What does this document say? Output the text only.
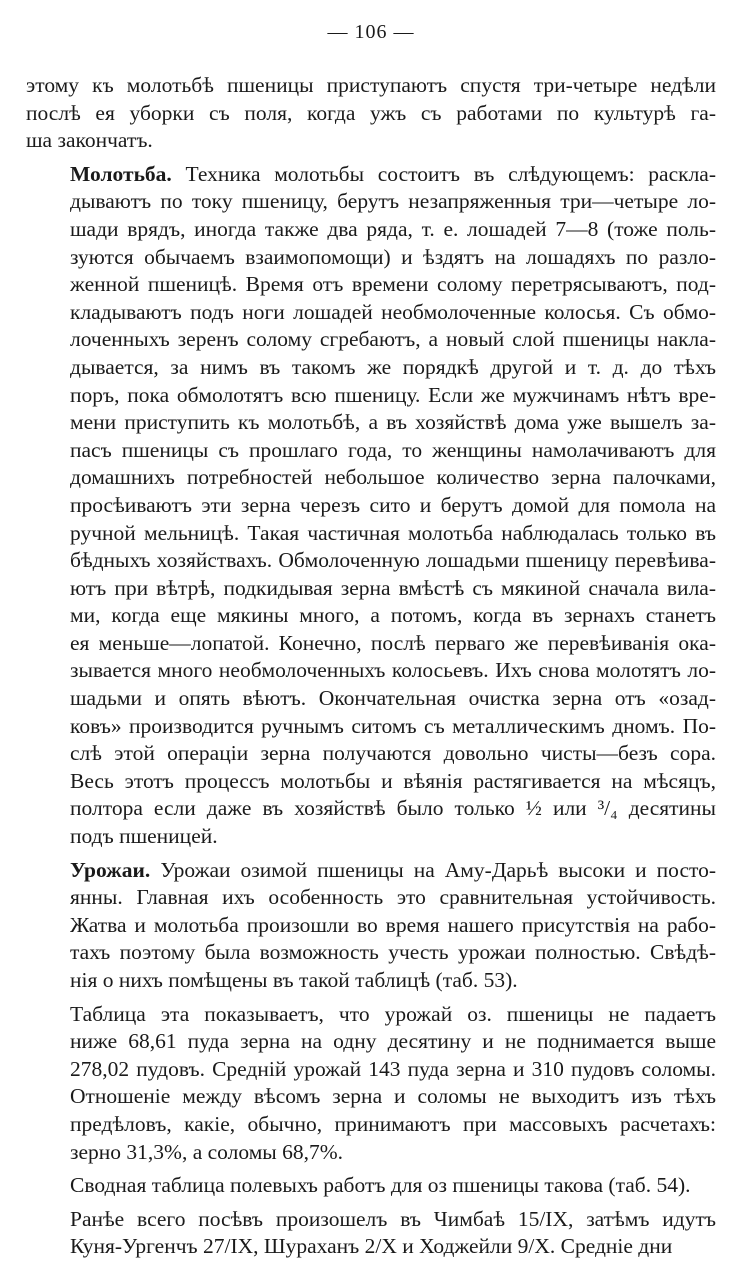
— 106 —
этому къ молотьбѣ пшеницы приступаютъ спустя три-четыре недѣли
послѣ ея уборки съ поля, когда ужъ съ работами по культурѣ га-
ша закончатъ.
Молотьба. Техника молотьбы состоитъ въ слѣдующемъ: раскла-
дываютъ по току пшеницу, берутъ незапряженныя три—четыре ло-
шади врядъ, иногда также два ряда, т. е. лошадей 7—8 (тоже поль-
зуются обычаемъ взаимопомощи) и ѣздятъ на лошадяхъ по разло-
женной пшеницѣ. Время отъ времени солому перетрясываютъ, под-
кладываютъ подъ ноги лошадей необмолоченные колосья. Съ обмо-
лоченныхъ зеренъ солому сгребаютъ, а новый слой пшеницы накла-
дывается, за нимъ въ такомъ же порядкѣ другой и т. д. до тѣхъ
поръ, пока обмолотятъ всю пшеницу. Если же мужчинамъ нѣтъ вре-
мени приступить къ молотьбѣ, а въ хозяйствѣ дома уже вышелъ за-
пасъ пшеницы съ прошлаго года, то женщины намолачиваютъ для
домашнихъ потребностей небольшое количество зерна палочками,
просѣиваютъ эти зерна черезъ сито и берутъ домой для помола на
ручной мельницѣ. Такая частичная молотьба наблюдалась только въ
бѣдныхъ хозяйствахъ. Обмолоченную лошадьми пшеницу перевѣива-
ютъ при вѣтрѣ, подкидывая зерна вмѣстѣ съ мякиной сначала вила-
ми, когда еще мякины много, а потомъ, когда въ зернахъ станетъ
ея меньше—лопатой. Конечно, послѣ перваго же перевѣиванія ока-
зывается много необмолоченныхъ колосьевъ. Ихъ снова молотятъ ло-
шадьми и опять вѣютъ. Окончательная очистка зерна отъ «озад-
ковъ» производится ручнымъ ситомъ съ металлическимъ дномъ. По-
слѣ этой операціи зерна получаются довольно чисты—безъ сора.
Весь этотъ процессъ молотьбы и вѣянія растягивается на мѣсяцъ,
полтора если даже въ хозяйствѣ было только ½ или ³/₄ десятины
подъ пшеницей.
Урожаи. Урожаи озимой пшеницы на Аму-Дарьѣ высоки и посто-
янны. Главная ихъ особенность это сравнительная устойчивость.
Жатва и молотьба произошли во время нашего присутствія на рабо-
тахъ поэтому была возможность учесть урожаи полностью. Свѣдѣ-
нія о нихъ помѣщены въ такой таблицѣ (таб. 53).
Таблица эта показываетъ, что урожай оз. пшеницы не падаетъ
ниже 68,61 пуда зерна на одну десятину и не поднимается выше
278,02 пудовъ. Средній урожай 143 пуда зерна и 310 пудовъ соломы.
Отношеніе между вѣсомъ зерна и соломы не выходитъ изъ тѣхъ
предѣловъ, какіе, обычно, принимаютъ при массовыхъ расчетахъ:
зерно 31,3%, а соломы 68,7%.
Сводная таблица полевыхъ работъ для оз пшеницы такова (таб. 54).
Ранѣе всего посѣвъ произошелъ въ Чимбаѣ 15/IX, затѣмъ идутъ
Куня-Ургенчъ 27/IX, Шураханъ 2/X и Ходжейли 9/X. Средніе дни
